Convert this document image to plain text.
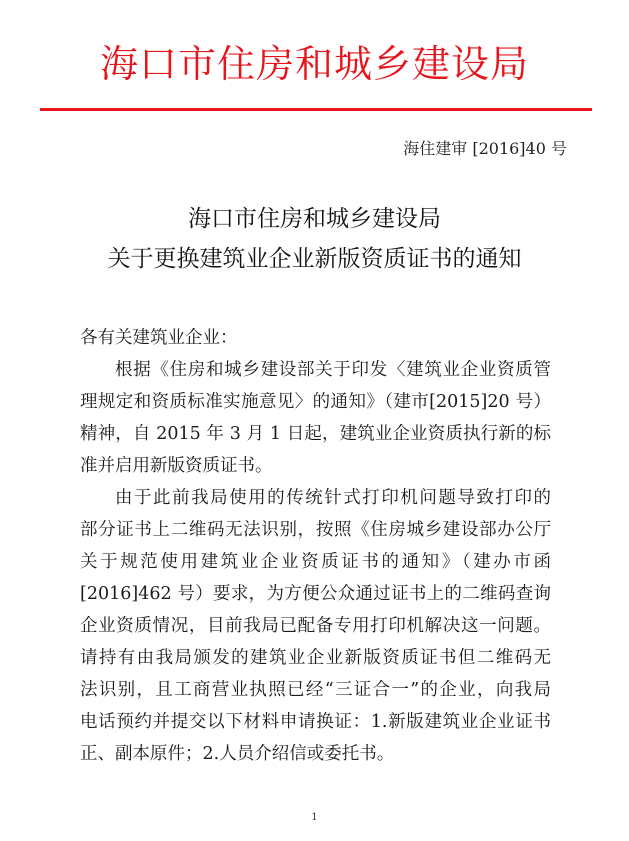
海口市住房和城乡建设局
海住建审 [2016]40 号
海口市住房和城乡建设局
关于更换建筑业企业新版资质证书的通知

各有关建筑业企业：

根据《住房和城乡建设部关于印发〈建筑业企业资质管
理规定和资质标准实施意见〉的通知》（建市[2015]20 号）
精神，自 2015 年 3 月 1 日起，建筑业企业资质执行新的标
准并启用新版资质证书。

由于此前我局使用的传统针式打印机问题导致打印的
部分证书上二维码无法识别，按照《住房城乡建设部办公厅
关于规范使用建筑业企业资质证书的通知》（建办市函
[2016]462 号）要求，为方便公众通过证书上的二维码查询
企业资质情况，目前我局已配备专用打印机解决这一问题。
请持有由我局颁发的建筑业企业新版资质证书但二维码无
法识别，且工商营业执照已经“三证合一”的企业，向我局
电话预约并提交以下材料申请换证：1.新版建筑业企业证书
正、副本原件；2.人员介绍信或委托书。

1
